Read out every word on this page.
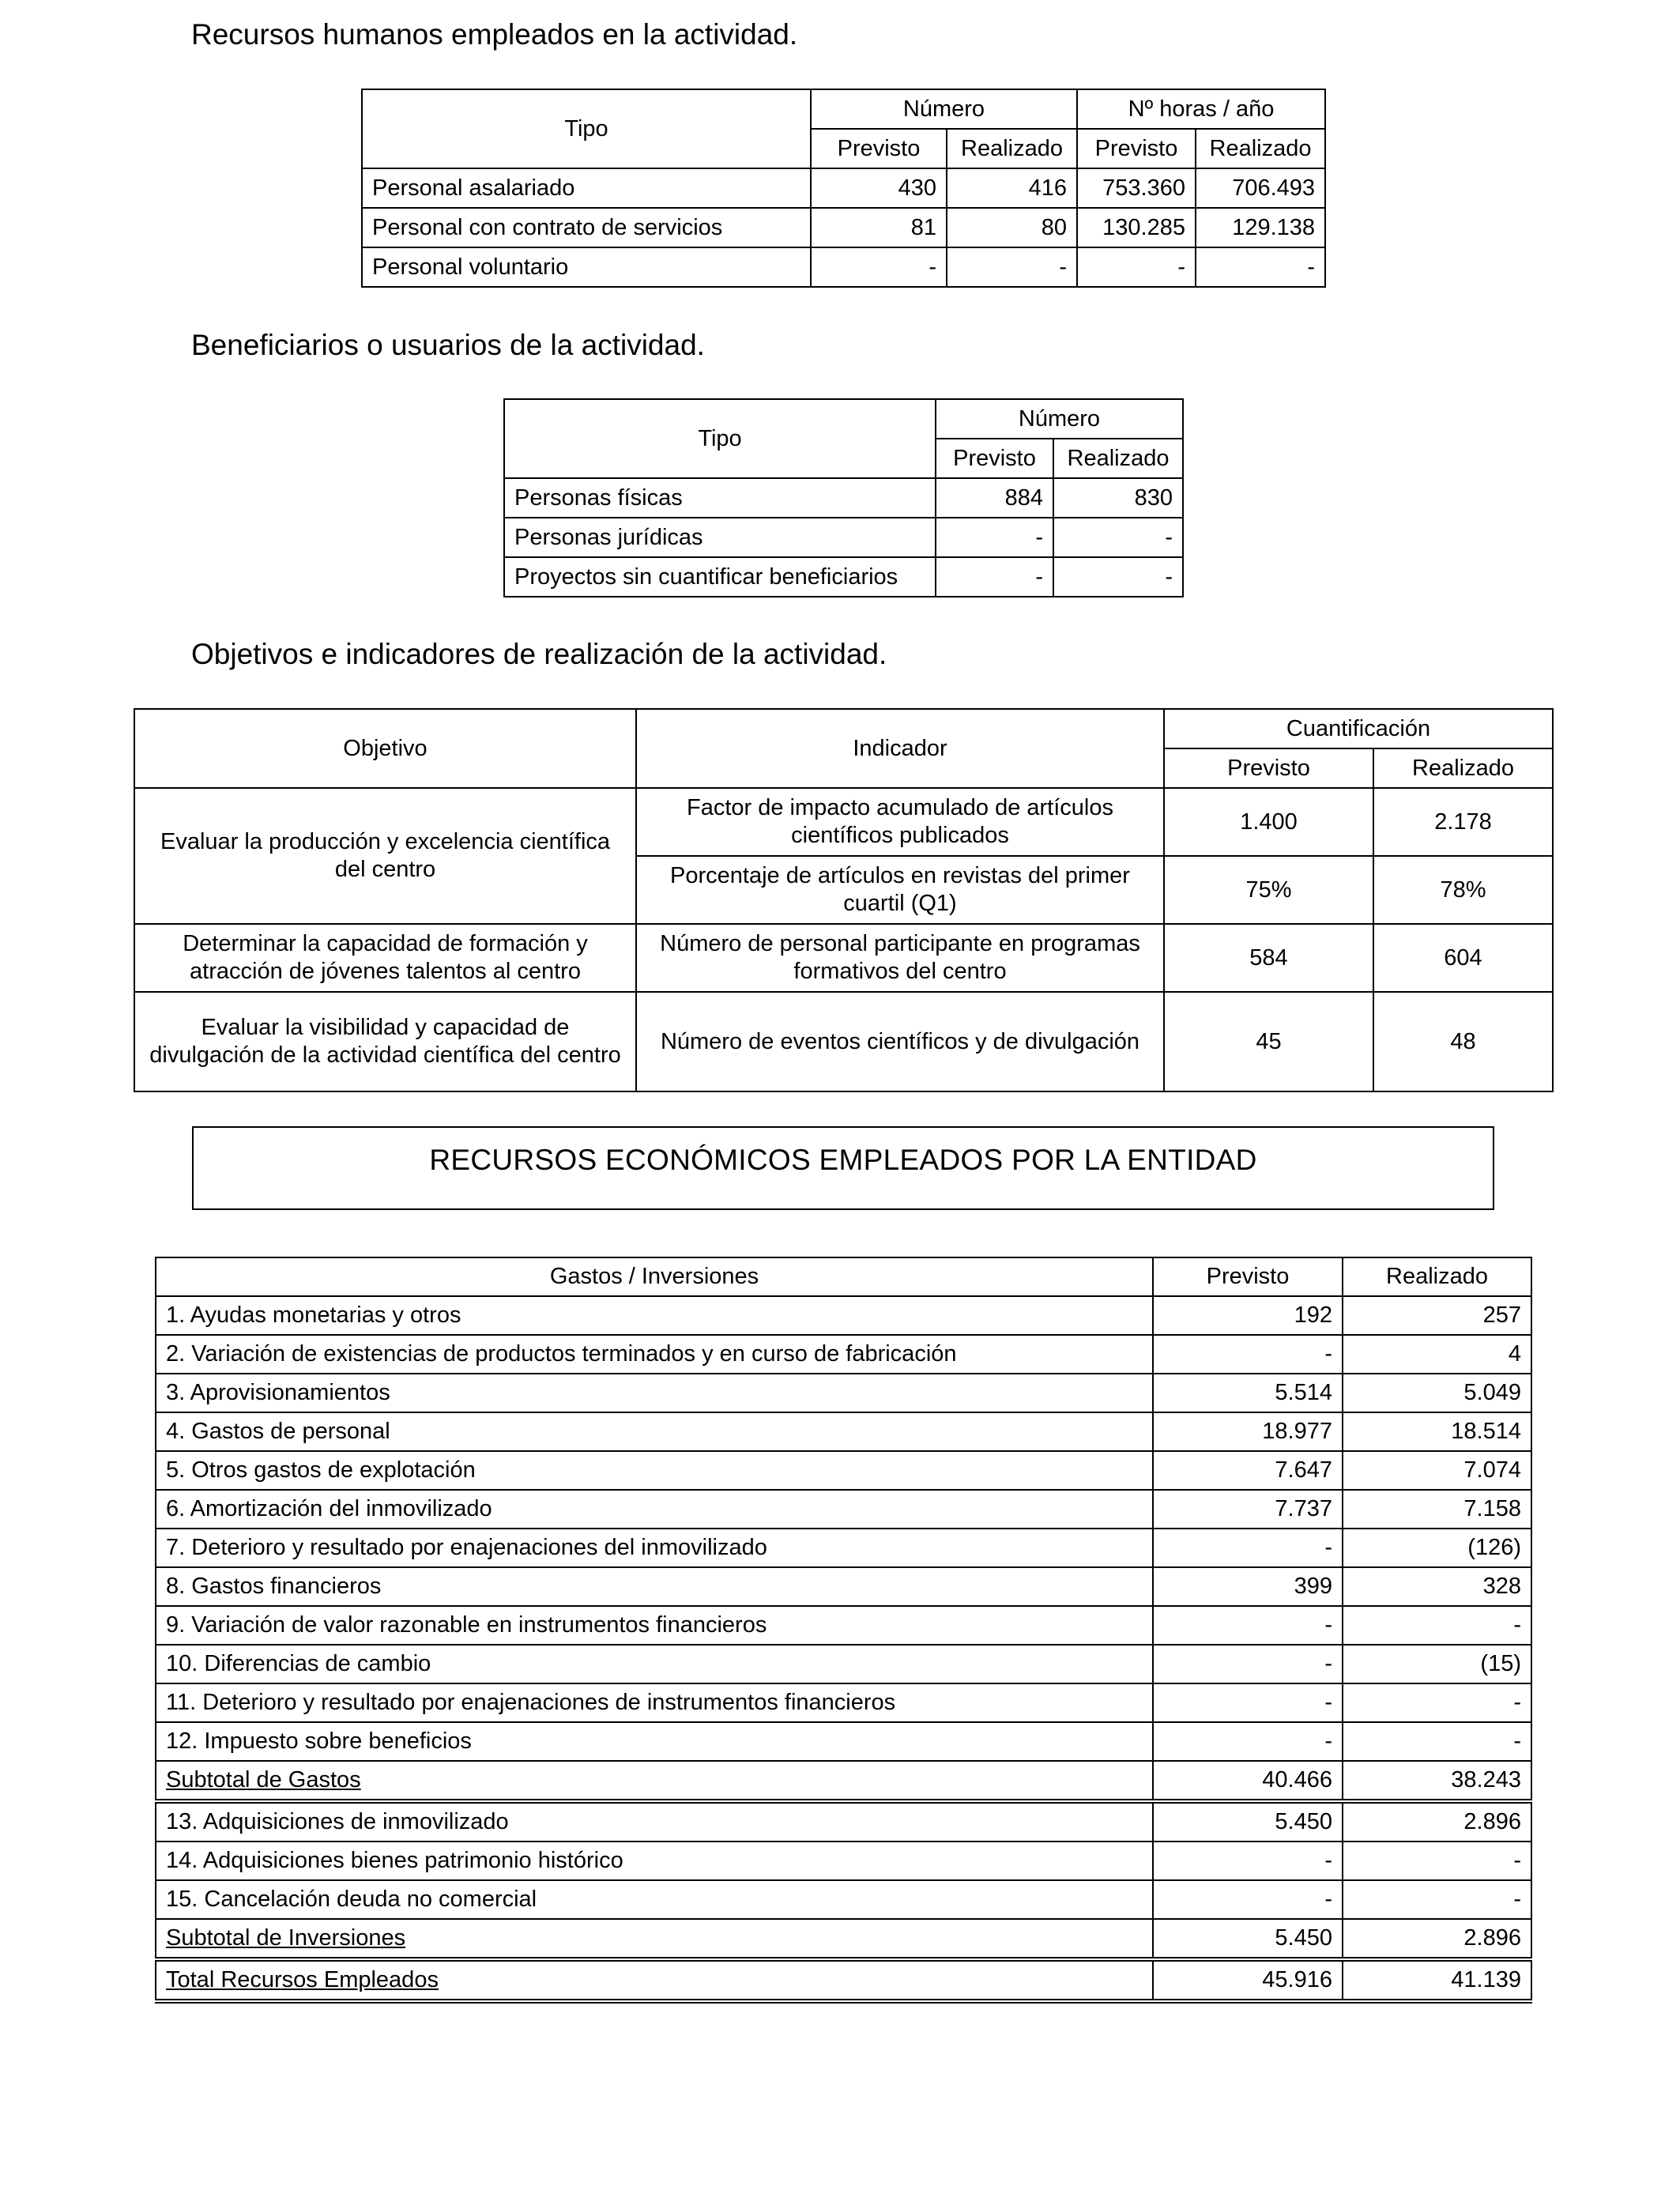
Recursos humanos empleados en la actividad.
Tipo	Número		Nº horas / año	
	Previsto	Realizado	Previsto	Realizado
Personal asalariado	430	416	753.360	706.493
Personal con contrato de servicios	81	80	130.285	129.138
Personal voluntario	-	-	-	-
Beneficiarios o usuarios de la actividad.
Tipo	Número	
	Previsto	Realizado
Personas físicas	884	830
Personas jurídicas	-	-
Proyectos sin cuantificar beneficiarios	-	-
Objetivos e indicadores de realización de la actividad.
Objetivo	Indicador	Cuantificación	
		Previsto	Realizado
Evaluar la producción y excelencia científica del centro	Factor de impacto acumulado de artículos científicos publicados	1.400	2.178
	Porcentaje de artículos en revistas del primer cuartil (Q1)	75%	78%
Determinar la capacidad de formación y atracción de jóvenes talentos al centro	Número de personal participante en programas formativos del centro	584	604
Evaluar la visibilidad y capacidad de divulgación de la actividad científica del centro	Número de eventos científicos y de divulgación	45	48
RECURSOS ECONÓMICOS EMPLEADOS POR LA ENTIDAD
Gastos / Inversiones	Previsto	Realizado
1. Ayudas monetarias y otros	192	257
2. Variación de existencias de productos terminados y en curso de fabricación	-	4
3. Aprovisionamientos	5.514	5.049
4. Gastos de personal	18.977	18.514
5. Otros gastos de explotación	7.647	7.074
6. Amortización del inmovilizado	7.737	7.158
7. Deterioro y resultado por enajenaciones del inmovilizado	-	(126)
8. Gastos financieros	399	328
9. Variación de valor razonable en instrumentos financieros	-	-
10. Diferencias de cambio	-	(15)
11. Deterioro y resultado por enajenaciones de instrumentos financieros	-	-
12. Impuesto sobre beneficios	-	-
Subtotal de Gastos	40.466	38.243
13. Adquisiciones de inmovilizado	5.450	2.896
14. Adquisiciones bienes patrimonio histórico	-	-
15. Cancelación deuda no comercial	-	-
Subtotal de Inversiones	5.450	2.896
Total Recursos Empleados	45.916	41.139
